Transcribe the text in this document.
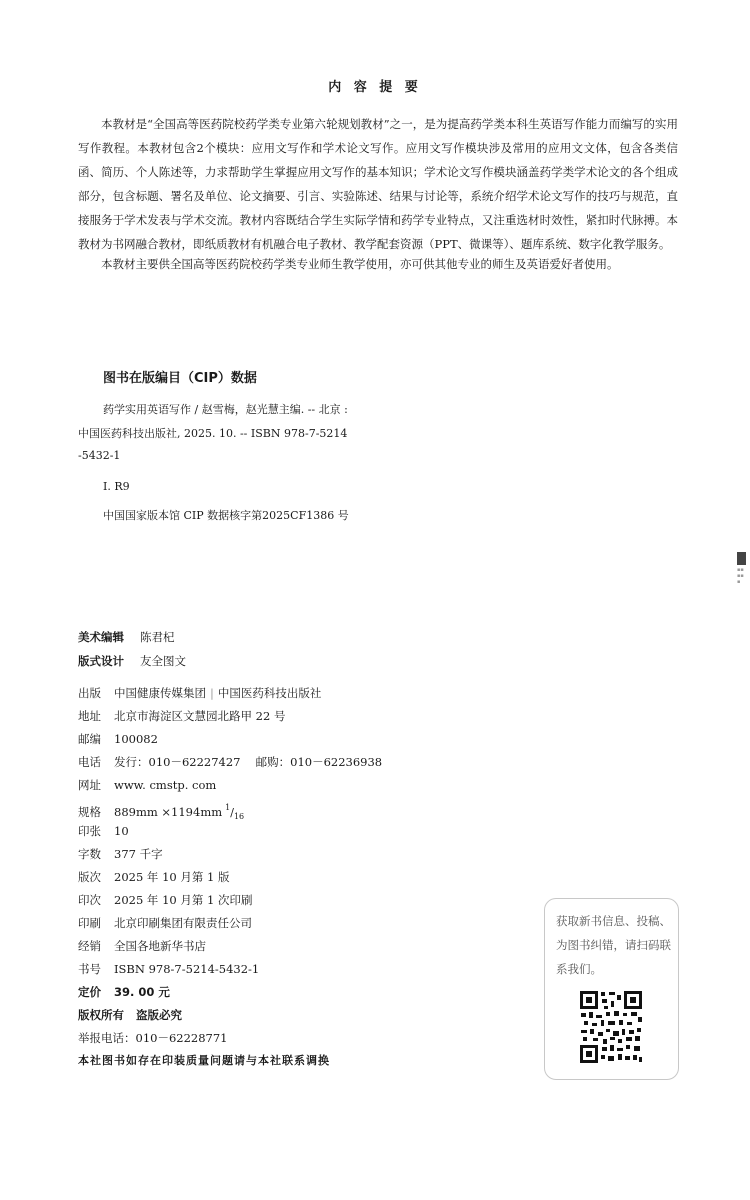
内 容 提 要
本教材是“全国高等医药院校药学类专业第六轮规划教材”之一，是为提高药学类本科生英语写作能力而编写的实用写作教程。本教材包含2个模块：应用文写作和学术论文写作。应用文写作模块涉及常用的应用文文体，包含各类信函、简历、个人陈述等，力求帮助学生掌握应用文写作的基本知识；学术论文写作模块涵盖药学类学术论文的各个组成部分，包含标题、署名及单位、论文摘要、引言、实验陈述、结果与讨论等，系统介绍学术论文写作的技巧与规范，直接服务于学术发表与学术交流。教材内容既结合学生实际学情和药学专业特点，又注重选材时效性，紧扣时代脉搏。本教材为书网融合教材，即纸质教材有机融合电子教材、教学配套资源（PPT、微课等）、题库系统、数字化教学服务。
本教材主要供全国高等医药院校药学类专业师生教学使用，亦可供其他专业的师生及英语爱好者使用。
图书在版编目（CIP）数据
药学实用英语写作 / 赵雪梅，赵光慧主编. -- 北京 :
中国医药科技出版社, 2025. 10. -- ISBN 978-7-5214
-5432-1
Ⅰ. R9
中国国家版本馆 CIP 数据核字第2025CF1386 号
▪▪
▪▪
▪
美术编辑 陈君杞
版式设计 友全图文
出版 中国健康传媒集团 | 中国医药科技出版社
地址 北京市海淀区文慧园北路甲 22 号
邮编 100082
电话 发行：010－62227427　 邮购：010－62236938
网址 www. cmstp. com
规格 889mm ×1194mm $^1/_{16}$
印张 10
字数 377 千字
版次 2025 年 10 月第 1 版
印次 2025 年 10 月第 1 次印刷
印刷 北京印刷集团有限责任公司
经销 全国各地新华书店
书号 ISBN 978-7-5214-5432-1
定价 39. 00 元
版权所有 盗版必究
举报电话：010－62228771
本社图书如存在印装质量问题请与本社联系调换
获取新书信息、投稿、为图书纠错，请扫码联系我们。
